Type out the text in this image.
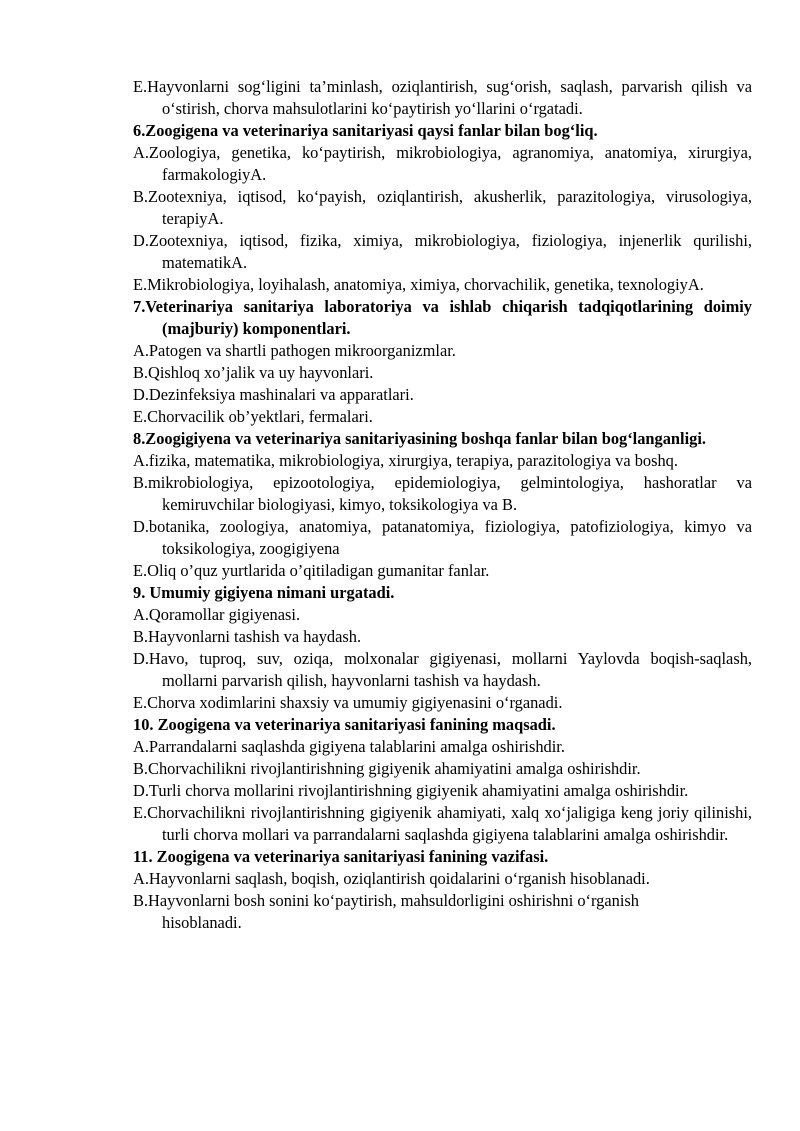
E.Hayvonlarni sog‘ligini ta’minlash, oziqlantirish, sug‘orish, saqlash, parvarish qilish va o‘stirish, chorva mahsulotlarini ko‘paytirish yo‘llarini o‘rgatadi.

6.Zoogigena va veterinariya sanitariyasi qaysi fanlar bilan bog‘liq.

A.Zoologiya, genetika, ko‘paytirish, mikrobiologiya, agranomiya, anatomiya, xirurgiya, farmakologiyA.

B.Zootexniya, iqtisod, ko‘payish, oziqlantirish, akusherlik, parazitologiya, virusologiya, terapiyA.

D.Zootexniya, iqtisod, fizika, ximiya, mikrobiologiya, fiziologiya, injenerlik qurilishi, matematikA.

E.Mikrobiologiya, loyihalash, anatomiya, ximiya, chorvachilik, genetika, texnologiyA.

7.Veterinariya sanitariya laboratoriya va ishlab chiqarish tadqiqotlarining doimiy (majburiy) komponentlari.

A.Patogen va shartli pathogen mikroorganizmlar.

B.Qishloq xo’jalik va uy hayvonlari.

D.Dezinfeksiya mashinalari va apparatlari.

E.Chorvacilik ob’yektlari, fermalari.

8.Zoogigiyena va veterinariya sanitariyasining boshqa fanlar bilan bog‘langanligi.

A.fizika, matematika, mikrobiologiya, xirurgiya, terapiya, parazitologiya va boshq.

B.mikrobiologiya, epizootologiya, epidemiologiya, gelmintologiya, hashoratlar va kemiruvchilar biologiyasi, kimyo, toksikologiya va B.

D.botanika, zoologiya, anatomiya, patanatomiya, fiziologiya, patofiziologiya, kimyo va toksikologiya, zoogigiyena

E.Oliq o’quz yurtlarida o’qitiladigan gumanitar fanlar.

9. Umumiy gigiyena nimani urgatadi.

A.Qoramollar gigiyenasi.

B.Hayvonlarni tashish va haydash.

D.Havo, tuproq, suv, oziqa, molxonalar gigiyenasi, mollarni Yaylovda boqish-saqlash, mollarni parvarish qilish, hayvonlarni tashish va haydash.

E.Chorva xodimlarini shaxsiy va umumiy gigiyenasini o‘rganadi.

10. Zoogigena va veterinariya sanitariyasi fanining maqsadi.

A.Parrandalarni saqlashda gigiyena talablarini amalga oshirishdir.

B.Chorvachilikni rivojlantirishning gigiyenik ahamiyatini amalga oshirishdir.

D.Turli chorva mollarini rivojlantirishning gigiyenik ahamiyatini amalga oshirishdir.

E.Chorvachilikni rivojlantirishning gigiyenik ahamiyati, xalq xo‘jaligiga keng joriy qilinishi, turli chorva mollari va parrandalarni saqlashda gigiyena talablarini amalga oshirishdir.

11. Zoogigena va veterinariya sanitariyasi fanining vazifasi.

A.Hayvonlarni saqlash, boqish, oziqlantirish qoidalarini o‘rganish hisoblanadi.

B.Hayvonlarni bosh sonini ko‘paytirish, mahsuldorligini oshirishni o‘rganish hisoblanadi.
